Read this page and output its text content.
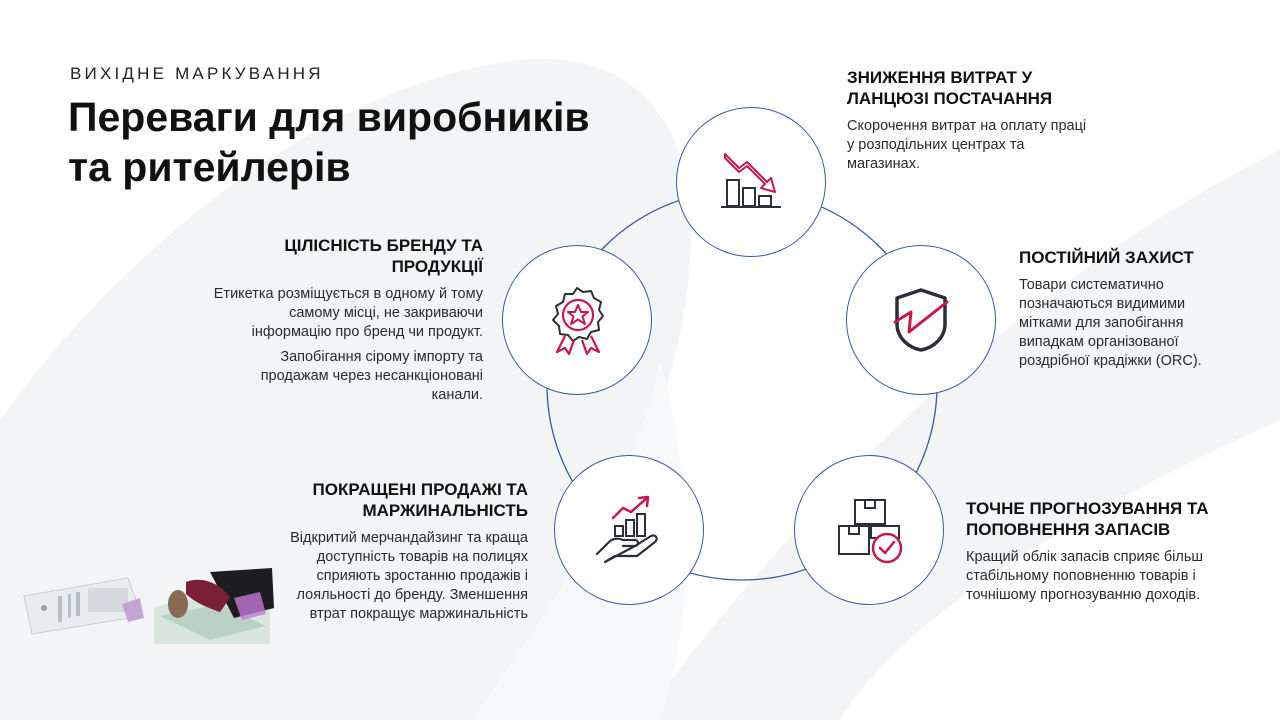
ВИХІДНЕ МАРКУВАННЯ
Переваги для виробників та ритейлерів
ЗНИЖЕННЯ ВИТРАТ У ЛАНЦЮЗІ ПОСТАЧАННЯ

Скорочення витрат на оплату праці у розподільних центрах та магазинах.

ПОСТІЙНИЙ ЗАХИСТ

Товари систематично позначаються видимими мітками для запобігання випадкам організованої роздрібної крадіжки (ORC).

ТОЧНЕ ПРОГНОЗУВАННЯ ТА ПОПОВНЕННЯ ЗАПАСІВ

Кращий облік запасів сприяє більш стабільному поповненню товарів і точнішому прогнозуванню доходів.

ПОКРАЩЕНІ ПРОДАЖІ ТА МАРЖИНАЛЬНІСТЬ

Відкритий мерчандайзинг та краща доступність товарів на полицях сприяють зростанню продажів і лояльності до бренду. Зменшення втрат покращує маржинальність

ЦІЛІСНІСТЬ БРЕНДУ ТА ПРОДУКЦІЇ

Етикетка розміщується в одному й тому самому місці, не закриваючи інформацію про бренд чи продукт.

Запобігання сірому імпорту та продажам через несанкціоновані канали.
